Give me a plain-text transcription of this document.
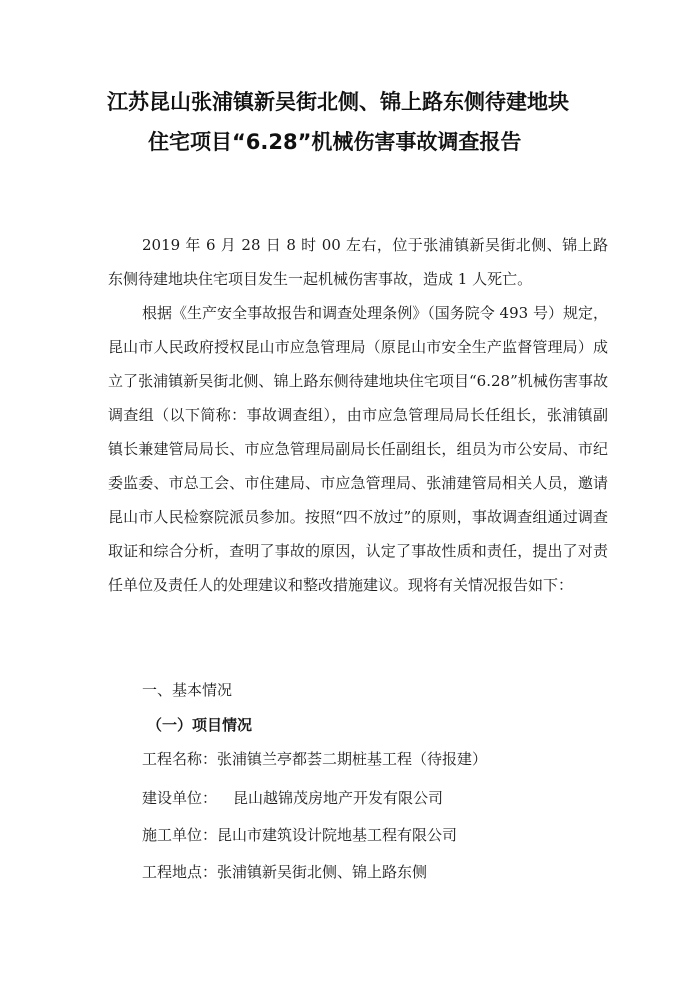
江苏昆山张浦镇新吴街北侧、锦上路东侧待建地块
住宅项目“6.28”机械伤害事故调查报告

2019 年 6 月 28 日 8 时 00 左右，位于张浦镇新吴街北侧、锦上路东侧待建地块住宅项目发生一起机械伤害事故，造成 1 人死亡。

根据《生产安全事故报告和调查处理条例》（国务院令 493 号）规定，昆山市人民政府授权昆山市应急管理局（原昆山市安全生产监督管理局）成立了张浦镇新吴街北侧、锦上路东侧待建地块住宅项目“6.28”机械伤害事故调查组（以下简称：事故调查组），由市应急管理局局长任组长，张浦镇副镇长兼建管局局长、市应急管理局副局长任副组长，组员为市公安局、市纪委监委、市总工会、市住建局、市应急管理局、张浦建管局相关人员，邀请昆山市人民检察院派员参加。按照“四不放过”的原则，事故调查组通过调查取证和综合分析，查明了事故的原因，认定了事故性质和责任，提出了对责任单位及责任人的处理建议和整改措施建议。现将有关情况报告如下：

一、基本情况
（一）项目情况
工程名称：张浦镇兰亭都荟二期桩基工程（待报建）
建设单位： 昆山越锦茂房地产开发有限公司
施工单位：昆山市建筑设计院地基工程有限公司
工程地点：张浦镇新吴街北侧、锦上路东侧
